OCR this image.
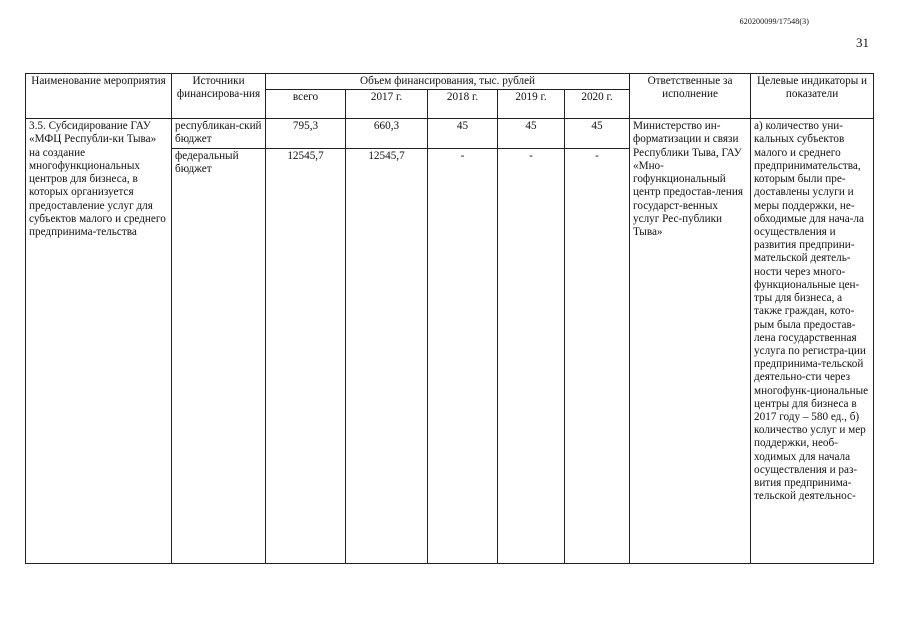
620200099/17548(3)
31
Наименование мероприятия	Источники финансирова-ния	Объем финансирования, тыс. рублей					Ответственные за исполнение	Целевые индикаторы и показатели
		всего	2017 г.	2018 г.	2019 г.	2020 г.		
3.5. Субсидирование ГАУ «МФЦ Республи-ки Тыва» на создание многофункциональных центров для бизнеса, в которых организуется предоставление услуг для субъектов малого и среднего предпринима-тельства	республикан-ский бюджет	795,3	660,3	45	45	45	Министерство ин-форматизации и связи Республики Тыва, ГАУ «Мно-гофункциональный центр предостав-ления государст-венных услуг Рес-публики Тыва»	а) количество уни-кальных субъектов малого и среднего предпринимательства, которым были пре-доставлены услуги и меры поддержки, не-обходимые для нача-ла осуществления и развития предприни-мательской деятель-ности через много-функциональные цен-тры для бизнеса, а также граждан, кото-рым была предостав-лена государственная услуга по регистра-ции предпринима-тельской деятельно-сти через многофунк-циональные центры для бизнеса в 2017 году – 580 ед., б) количество услуг и мер поддержки, необ-ходимых для начала осуществления и раз-вития предпринима-тельской деятельнос-
	федеральный бюджет	12545,7	12545,7	-	-	-		
